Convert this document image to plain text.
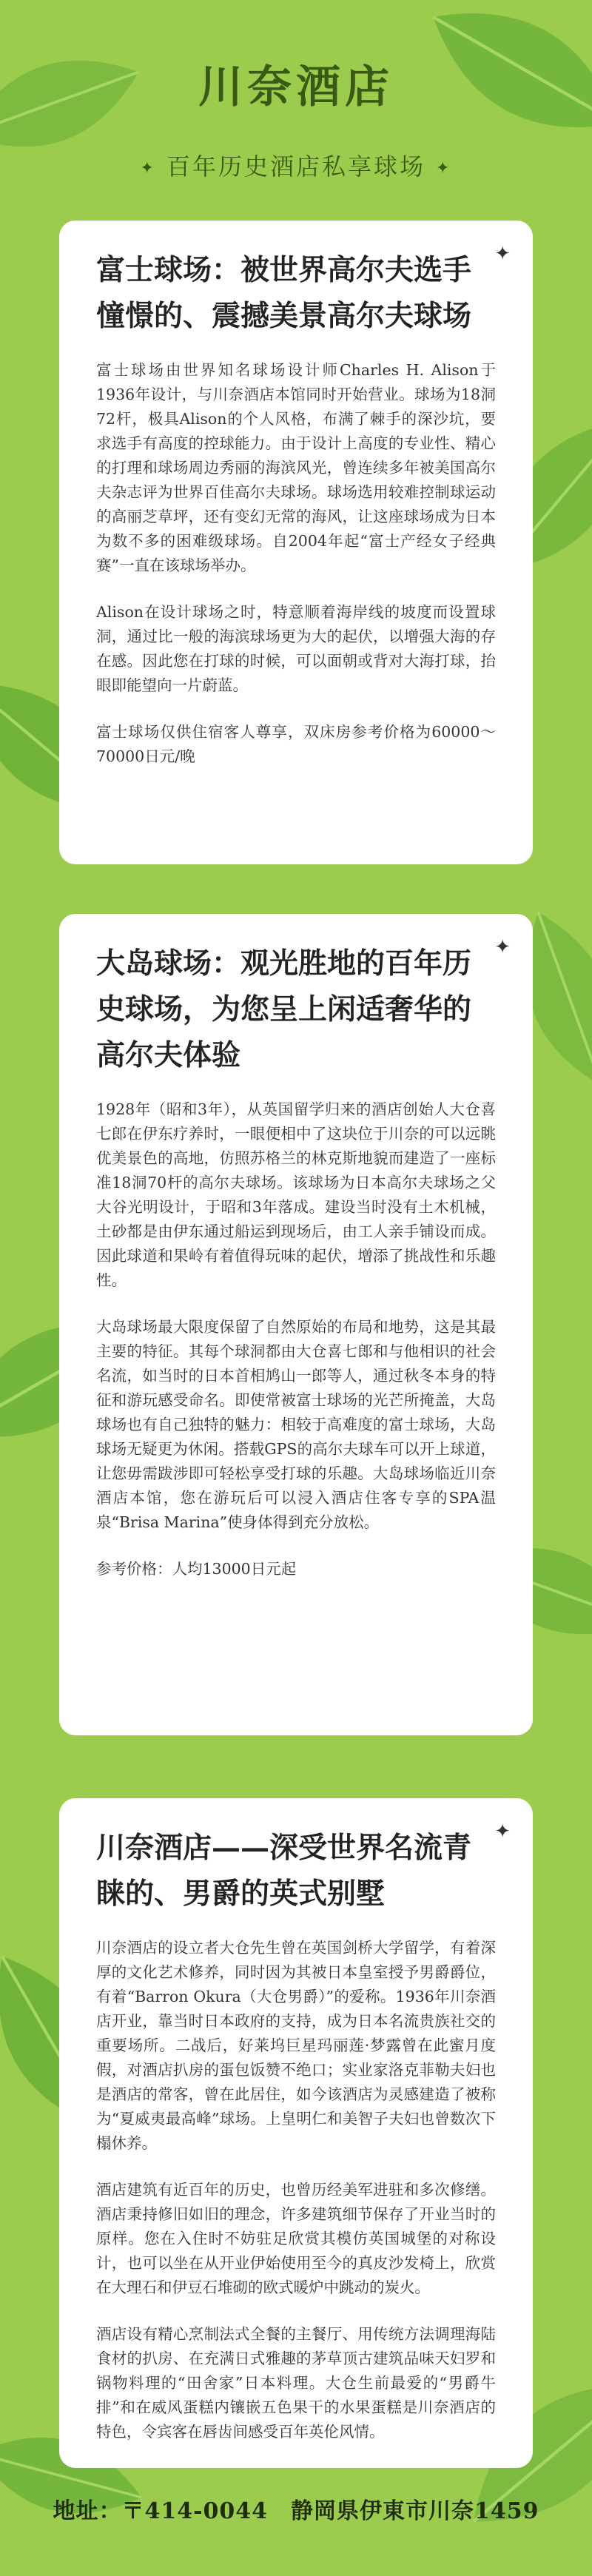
川奈酒店
✦ 百年历史酒店私享球场 ✦
✦
富士球场：被世界高尔夫选手憧憬的、震撼美景高尔夫球场

富士球场由世界知名球场设计师Charles H. Alison于1936年设计，与川奈酒店本馆同时开始营业。球场为18洞72杆，极具Alison的个人风格，布满了棘手的深沙坑，要求选手有高度的控球能力。由于设计上高度的专业性、精心的打理和球场周边秀丽的海滨风光，曾连续多年被美国高尔夫杂志评为世界百佳高尔夫球场。球场选用较难控制球运动的高丽芝草坪，还有变幻无常的海风，让这座球场成为日本为数不多的困难级球场。自2004年起“富士产经女子经典赛”一直在该球场举办。

Alison在设计球场之时，特意顺着海岸线的坡度而设置球洞，通过比一般的海滨球场更为大的起伏，以增强大海的存在感。因此您在打球的时候，可以面朝或背对大海打球，抬眼即能望向一片蔚蓝。

富士球场仅供住宿客人尊享，双床房参考价格为60000～70000日元/晚

✦
大岛球场：观光胜地的百年历史球场，为您呈上闲适奢华的高尔夫体验

1928年（昭和3年），从英国留学归来的酒店创始人大仓喜七郎在伊东疗养时，一眼便相中了这块位于川奈的可以远眺优美景色的高地，仿照苏格兰的林克斯地貌而建造了一座标准18洞70杆的高尔夫球场。该球场为日本高尔夫球场之父大谷光明设计，于昭和3年落成。建设当时没有土木机械，土砂都是由伊东通过船运到现场后，由工人亲手铺设而成。因此球道和果岭有着值得玩味的起伏，增添了挑战性和乐趣性。

大岛球场最大限度保留了自然原始的布局和地势，这是其最主要的特征。其每个球洞都由大仓喜七郎和与他相识的社会名流，如当时的日本首相鸠山一郎等人，通过秋冬本身的特征和游玩感受命名。即使常被富士球场的光芒所掩盖，大岛球场也有自己独特的魅力：相较于高难度的富士球场，大岛球场无疑更为休闲。搭载GPS的高尔夫球车可以开上球道，让您毋需跋涉即可轻松享受打球的乐趣。大岛球场临近川奈酒店本馆，您在游玩后可以浸入酒店住客专享的SPA温泉“Brisa Marina”使身体得到充分放松。

参考价格：人均13000日元起

✦
川奈酒店——深受世界名流青睐的、男爵的英式别墅

川奈酒店的设立者大仓先生曾在英国剑桥大学留学，有着深厚的文化艺术修养，同时因为其被日本皇室授予男爵爵位，有着“Barron Okura（大仓男爵）”的爱称。1936年川奈酒店开业，靠当时日本政府的支持，成为日本名流贵族社交的重要场所。二战后，好莱坞巨星玛丽莲·梦露曾在此蜜月度假，对酒店扒房的蛋包饭赞不绝口；实业家洛克菲勒夫妇也是酒店的常客，曾在此居住，如今该酒店为灵感建造了被称为“夏威夷最高峰”球场。上皇明仁和美智子夫妇也曾数次下榻休养。

酒店建筑有近百年的历史，也曾历经美军进驻和多次修缮。酒店秉持修旧如旧的理念，许多建筑细节保存了开业当时的原样。您在入住时不妨驻足欣赏其模仿英国城堡的对称设计，也可以坐在从开业伊始使用至今的真皮沙发椅上，欣赏在大理石和伊豆石堆砌的欧式暖炉中跳动的炭火。

酒店设有精心烹制法式全餐的主餐厅、用传统方法调理海陆食材的扒房、在充满日式雅趣的茅草顶古建筑品味天妇罗和锅物料理的“田舍家”日本料理。大仓生前最爱的“男爵牛排”和在威风蛋糕内镶嵌五色果干的水果蛋糕是川奈酒店的特色，令宾客在唇齿间感受百年英伦风情。

地址：〒414-0044　静岡県伊東市川奈1459
